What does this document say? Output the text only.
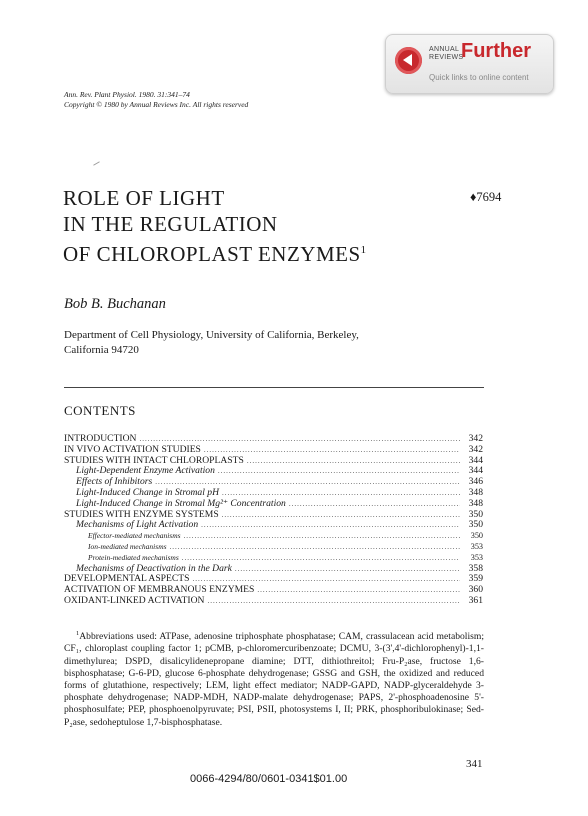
ANNUAL
REVIEWS
Further
Quick links to online content
Ann. Rev. Plant Physiol. 1980. 31:341–74
Copyright © 1980 by Annual Reviews Inc. All rights reserved
ROLE OF LIGHT
IN THE REGULATION
OF CHLOROPLAST ENZYMES$^1$
♦7694
Bob B. Buchanan
Department of Cell Physiology, University of California, Berkeley,
California 94720
CONTENTS
INTRODUCTION .....	342
IN VIVO ACTIVATION STUDIES .....	342
STUDIES WITH INTACT CHLOROPLASTS .....	344
Light-Dependent Enzyme Activation .....	344
Effects of Inhibitors .....	346
Light-Induced Change in Stromal pH .....	348
Light-Induced Change in Stromal Mg²⁺ Concentration .....	348
STUDIES WITH ENZYME SYSTEMS .....	350
Mechanisms of Light Activation .....	350
Effector-mediated mechanisms .....	350
Ion-mediated mechanisms .....	353
Protein-mediated mechanisms .....	353
Mechanisms of Deactivation in the Dark .....	358
DEVELOPMENTAL ASPECTS .....	359
ACTIVATION OF MEMBRANOUS ENZYMES .....	360
OXIDANT-LINKED ACTIVATION .....	361
$^1$Abbreviations used: ATPase, adenosine triphosphate phosphatase; CAM, crassulacean acid metabolism; CF₁, chloroplast coupling factor 1; pCMB, p-chloromercuribenzoate; DCMU, 3-(3',4'-dichlorophenyl)-1,1-dimethylurea; DSPD, disalicylidenepropane diamine; DTT, dithiothreitol; Fru-P₂ase, fructose 1,6-bisphosphatase; G-6-PD, glucose 6-phosphate dehydrogenase; GSSG and GSH, the oxidized and reduced forms of glutathione, respectively; LEM, light effect mediator; NADP-GAPD, NADP-glyceraldehyde 3-phosphate dehydrogenase; NADP-MDH, NADP-malate dehydrogenase; PAPS, 2'-phosphoadenosine 5'-phosphosulfate; PEP, phosphoenolpyruvate; PSI, PSII, photosystems I, II; PRK, phosphoribulokinase; Sed-P₂ase, sedoheptulose 1,7-bisphosphatase.
341
0066-4294/80/0601-0341$01.00
